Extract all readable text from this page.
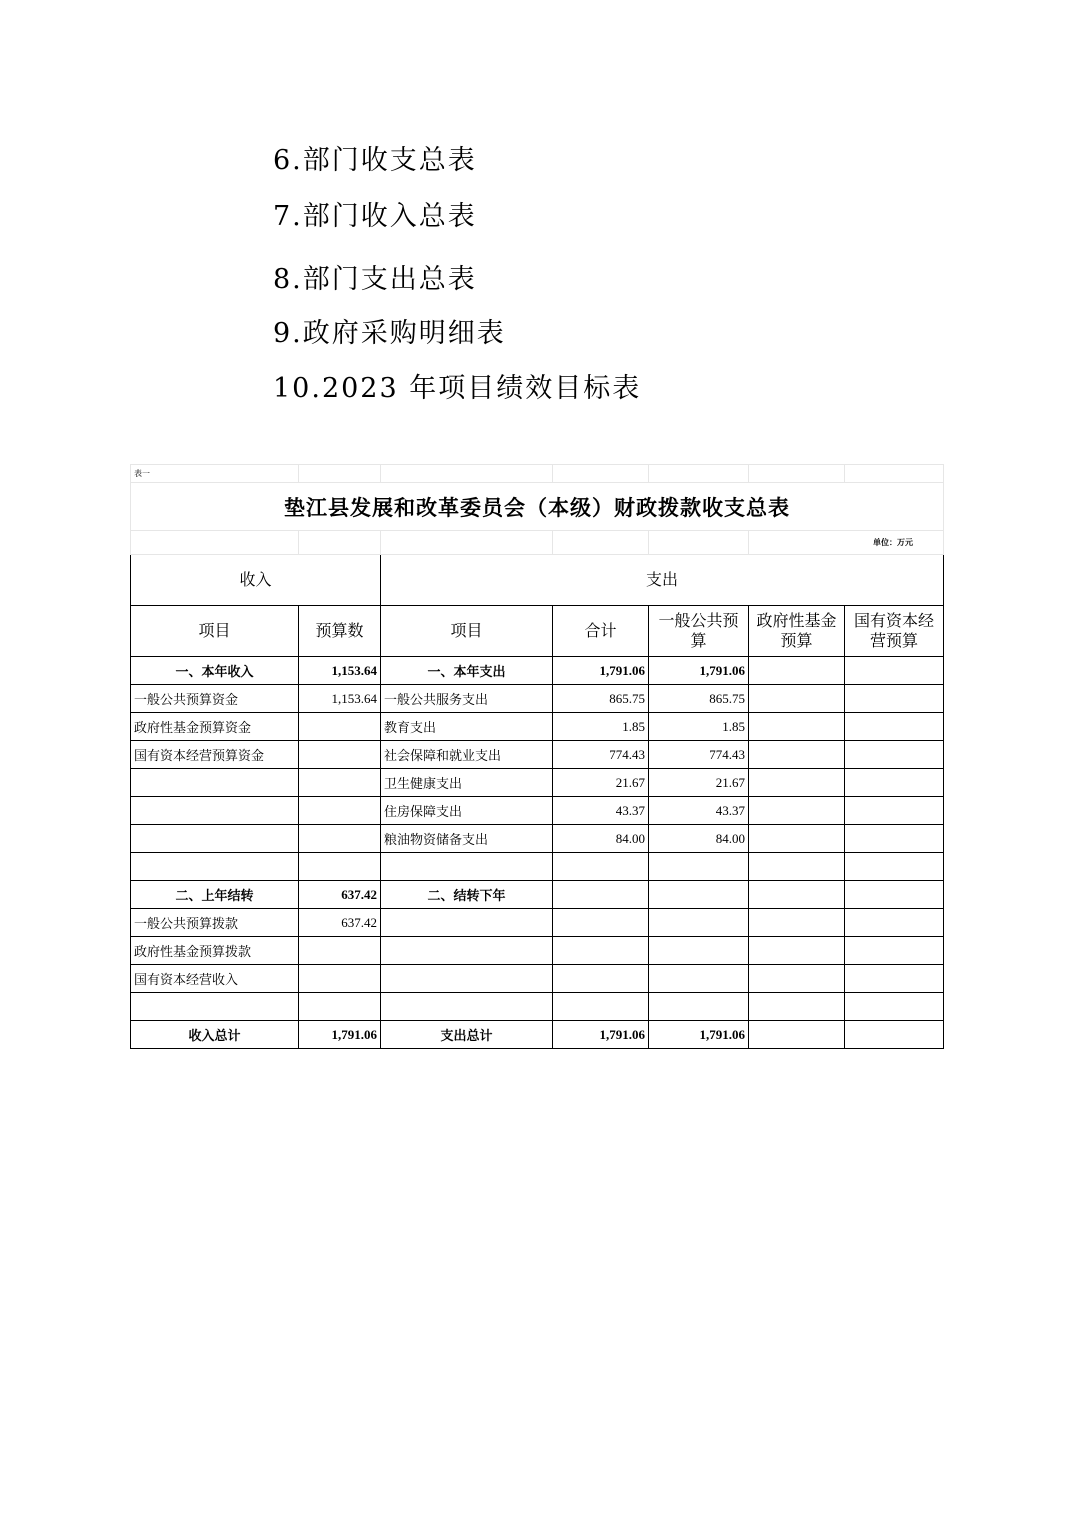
6.部门收支总表
7.部门收入总表
8.部门支出总表
9.政府采购明细表
10.2023 年项目绩效目标表
表一						
垫江县发展和改革委员会（本级）财政拨款收支总表						
					单位：万元	
收入		支出				
项目	预算数	项目	合计	一般公共预算	政府性基金预算	国有资本经营预算
一、本年收入	1,153.64	一、本年支出	1,791.06	1,791.06		
一般公共预算资金	1,153.64	一般公共服务支出	865.75	865.75		
政府性基金预算资金		教育支出	1.85	1.85		
国有资本经营预算资金		社会保障和就业支出	774.43	774.43		
		卫生健康支出	21.67	21.67		
		住房保障支出	43.37	43.37		
		粮油物资储备支出	84.00	84.00		

二、上年结转	637.42	二、结转下年				
一般公共预算拨款	637.42					
政府性基金预算拨款						
国有资本经营收入						

收入总计	1,791.06	支出总计	1,791.06	1,791.06		
